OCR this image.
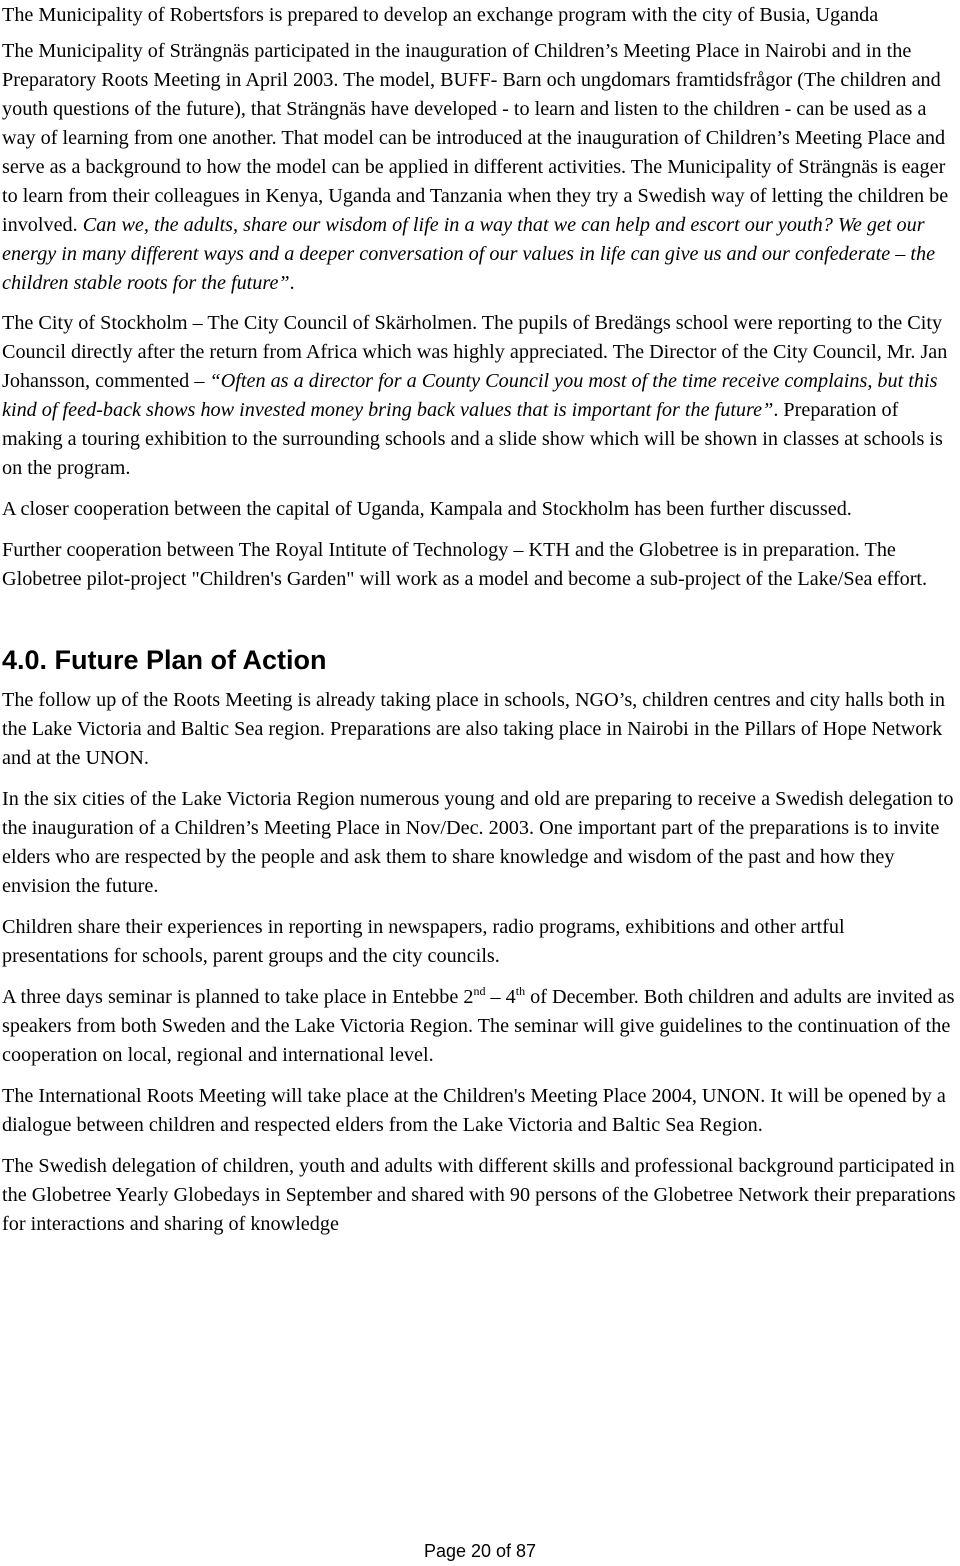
The Municipality of Robertsfors is prepared to develop an exchange program with the city of Busia, Uganda

The Municipality of Strängnäs participated in the inauguration of Children’s Meeting Place in Nairobi and in the Preparatory Roots Meeting in April 2003. The model, BUFF- Barn och ungdomars framtidsfrågor (The children and youth questions of the future), that Strängnäs have developed - to learn and listen to the children - can be used as a way of learning from one another. That model can be introduced at the inauguration of Children’s Meeting Place and serve as a background to how the model can be applied in different activities. The Municipality of Strängnäs is eager to learn from their colleagues in Kenya, Uganda and Tanzania when they try a Swedish way of letting the children be involved. Can we, the adults, share our wisdom of life in a way that we can help and escort our youth? We get our energy in many different ways and a deeper conversation of our values in life can give us and our confederate – the children stable roots for the future”.

The City of Stockholm – The City Council of Skärholmen. The pupils of Bredängs school were reporting to the City Council directly after the return from Africa which was highly appreciated. The Director of the City Council, Mr. Jan Johansson, commented – “Often as a director for a County Council you most of the time receive complains, but this kind of feed-back shows how invested money bring back values that is important for the future”. Preparation of making a touring exhibition to the surrounding schools and a slide show which will be shown in classes at schools is on the program.

A closer cooperation between the capital of Uganda, Kampala and Stockholm has been further discussed.

Further cooperation between The Royal Intitute of Technology – KTH and the Globetree is in preparation. The Globetree pilot-project "Children's Garden" will work as a model and become a sub-project of the Lake/Sea effort.

4.0. Future Plan of Action

The follow up of the Roots Meeting is already taking place in schools, NGO’s, children centres and city halls both in the Lake Victoria and Baltic Sea region. Preparations are also taking place in Nairobi in the Pillars of Hope Network and at the UNON.

In the six cities of the Lake Victoria Region numerous young and old are preparing to receive a Swedish delegation to the inauguration of a Children’s Meeting Place in Nov/Dec. 2003. One important part of the preparations is to invite elders who are respected by the people and ask them to share knowledge and wisdom of the past and how they envision the future.

Children share their experiences in reporting in newspapers, radio programs, exhibitions and other artful presentations for schools, parent groups and the city councils.

A three days seminar is planned to take place in Entebbe 2nd – 4th of December. Both children and adults are invited as speakers from both Sweden and the Lake Victoria Region. The seminar will give guidelines to the continuation of the cooperation on local, regional and international level.

The International Roots Meeting will take place at the Children's Meeting Place 2004, UNON. It will be opened by a dialogue between children and respected elders from the Lake Victoria and Baltic Sea Region.

The Swedish delegation of children, youth and adults with different skills and professional background participated in the Globetree Yearly Globedays in September and shared with 90 persons of the Globetree Network their preparations for interactions and sharing of knowledge

Page 20 of 87
